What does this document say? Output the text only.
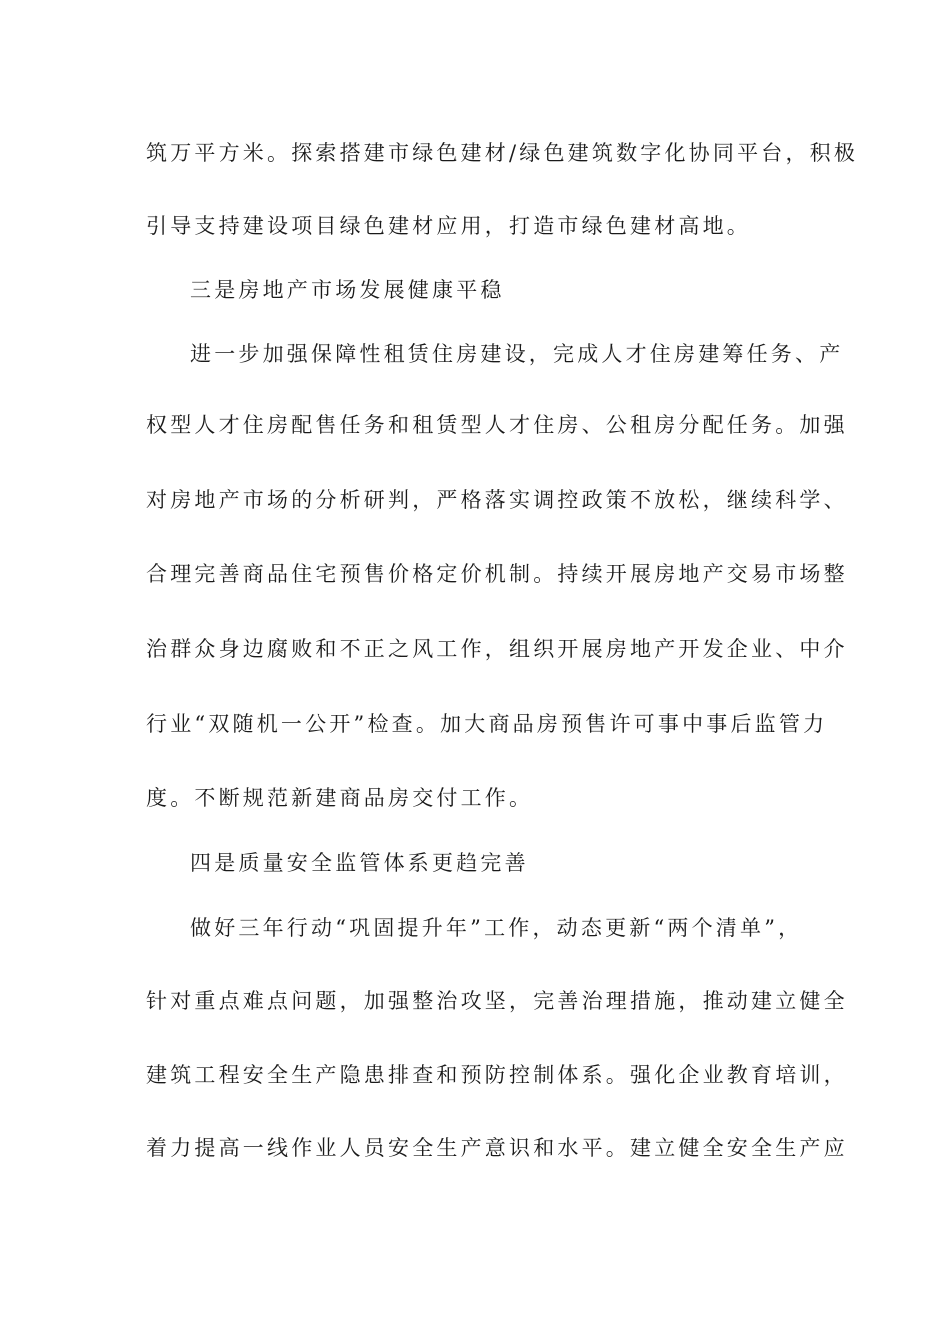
筑万平方米。探索搭建市绿色建材/绿色建筑数字化协同平台，积极
引导支持建设项目绿色建材应用，打造市绿色建材高地。
三是房地产市场发展健康平稳
进一步加强保障性租赁住房建设，完成人才住房建筹任务、产
权型人才住房配售任务和租赁型人才住房、公租房分配任务。加强
对房地产市场的分析研判，严格落实调控政策不放松，继续科学、
合理完善商品住宅预售价格定价机制。持续开展房地产交易市场整
治群众身边腐败和不正之风工作，组织开展房地产开发企业、中介
行业“双随机一公开”检查。加大商品房预售许可事中事后监管力
度。不断规范新建商品房交付工作。
四是质量安全监管体系更趋完善
做好三年行动“巩固提升年”工作，动态更新“两个清单”，
针对重点难点问题，加强整治攻坚，完善治理措施，推动建立健全
建筑工程安全生产隐患排查和预防控制体系。强化企业教育培训，
着力提高一线作业人员安全生产意识和水平。建立健全安全生产应
